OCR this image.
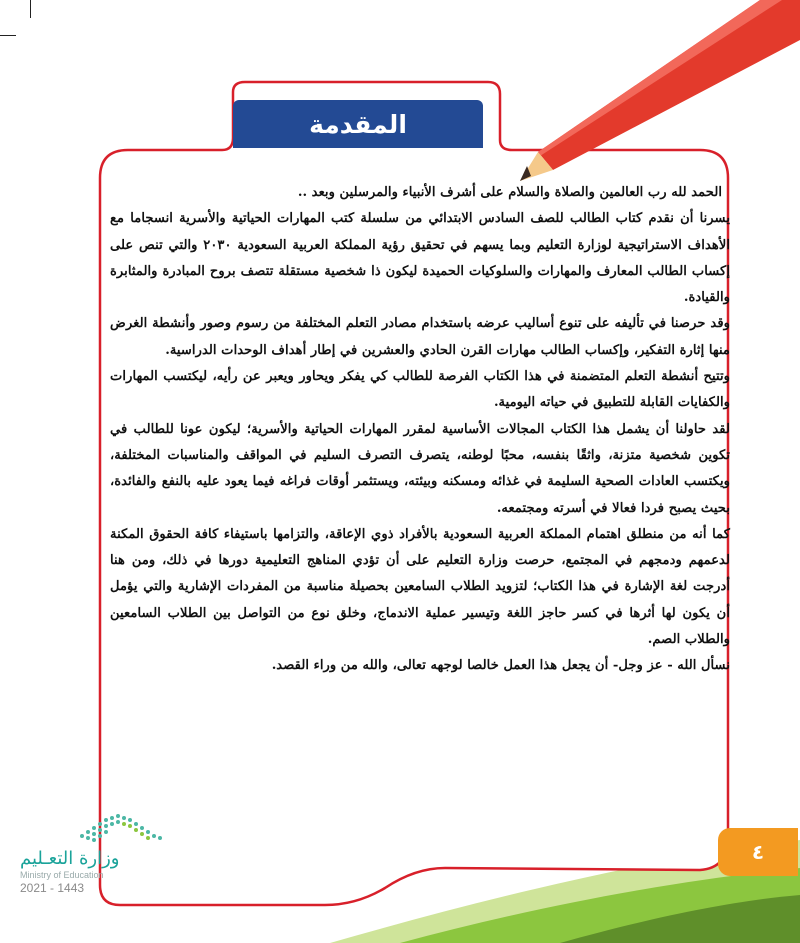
المقدمة

الحمد لله رب العالمين والصلاة والسلام على أشرف الأنبياء والمرسلين وبعد ..

يسرنا أن نقدم كتاب الطالب للصف السادس الابتدائي من سلسلة كتب المهارات الحياتية والأسرية انسجاما مع الأهداف الاستراتيجية لوزارة التعليم وبما يسهم في تحقيق رؤية المملكة العربية السعودية ٢٠٣٠ والتي تنص على إكساب الطالب المعارف والمهارات والسلوكيات الحميدة ليكون ذا شخصية مستقلة تتصف بروح المبادرة والمثابرة والقيادة.

وقد حرصنا في تأليفه على تنوع أساليب عرضه باستخدام مصادر التعلم المختلفة من رسوم وصور وأنشطة الغرض منها إثارة التفكير، وإكساب الطالب مهارات القرن الحادي والعشرين في إطار أهداف الوحدات الدراسية.

وتتيح أنشطة التعلم المتضمنة في هذا الكتاب الفرصة للطالب كي يفكر ويحاور ويعبر عن رأيه، ليكتسب المهارات والكفايات القابلة للتطبيق في حياته اليومية.

لقد حاولنا أن يشمل هذا الكتاب المجالات الأساسية لمقرر المهارات الحياتية والأسرية؛ ليكون عونا للطالب في تكوين شخصية متزنة، واثقًا بنفسه، محبًا لوطنه، يتصرف التصرف السليم في المواقف والمناسبات المختلفة، ويكتسب العادات الصحية السليمة في غذائه ومسكنه وبيئته، ويستثمر أوقات فراغه فيما يعود عليه بالنفع والفائدة، بحيث يصبح فردا فعالا في أسرته ومجتمعه.

كما أنه من منطلق اهتمام المملكة العربية السعودية بالأفراد ذوي الإعاقة، والتزامها باستيفاء كافة الحقوق المكنة لدعمهم ودمجهم في المجتمع، حرصت وزارة التعليم على أن تؤدي المناهج التعليمية دورها في ذلك، ومن هنا أدرجت لغة الإشارة في هذا الكتاب؛ لتزويد الطلاب السامعين بحصيلة مناسبة من المفردات الإشارية والتي يؤمل أن يكون لها أثرها في كسر حاجز اللغة وتيسير عملية الاندماج، وخلق نوع من التواصل بين الطلاب السامعين والطلاب الصم.

نسأل الله - عز وجل- أن يجعل هذا العمل خالصا لوجهه تعالى، والله من وراء القصد.

٤
وزارة التعـليم
Ministry of Education
2021 - 1443
